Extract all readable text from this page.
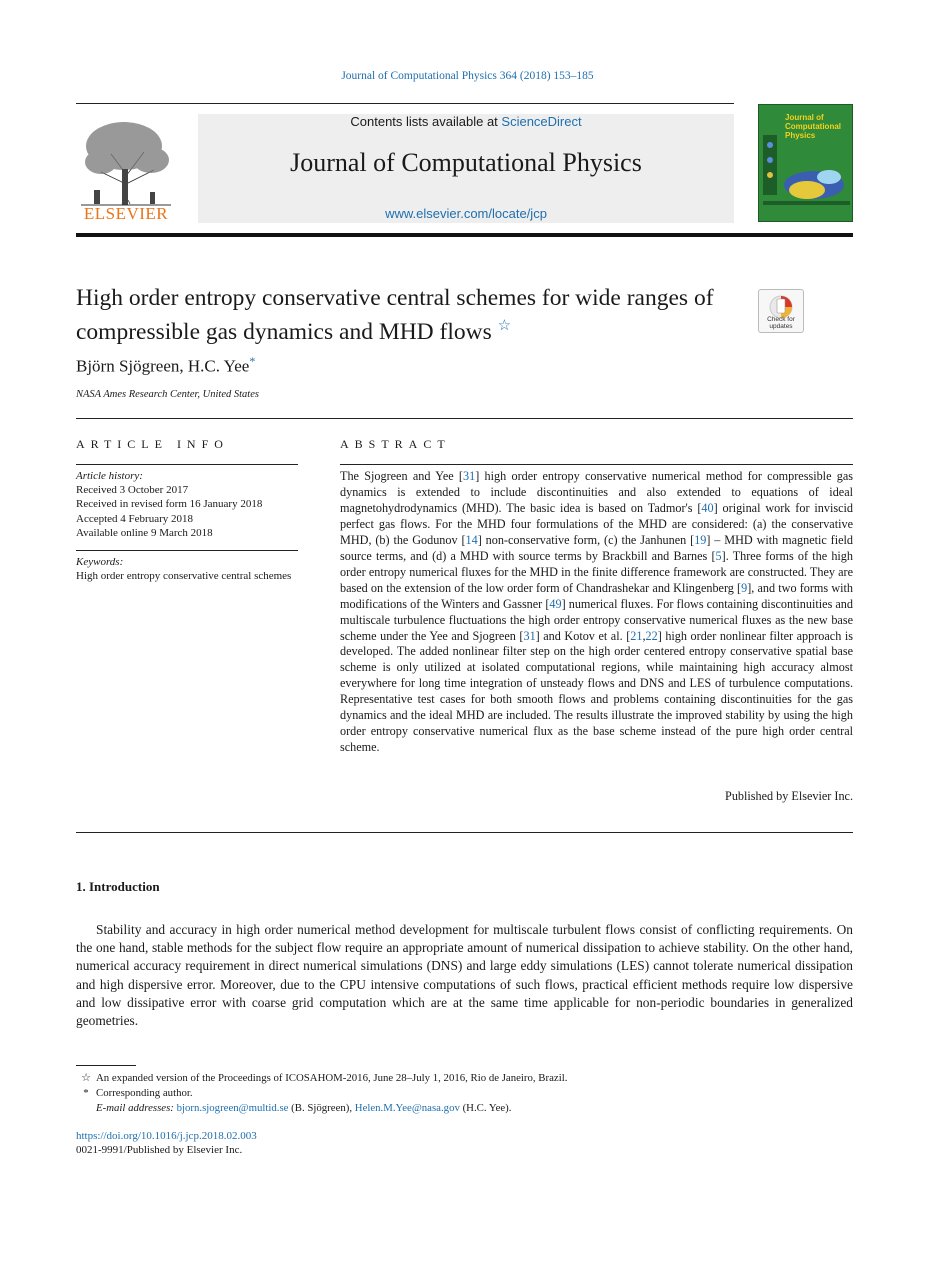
Journal of Computational Physics 364 (2018) 153–185
ELSEVIER
Contents lists available at ScienceDirect
Journal of Computational Physics
www.elsevier.com/locate/jcp
Journal of Computational Physics
High order entropy conservative central schemes for wide ranges of compressible gas dynamics and MHD flows ☆	Check for updates
Björn Sjögreen, H.C. Yee*
NASA Ames Research Center, United States
ARTICLE INFO	ABSTRACT
Article history:
Received 3 October 2017
Received in revised form 16 January 2018
Accepted 4 February 2018
Available online 9 March 2018
Keywords:
High order entropy conservative central schemes
The Sjogreen and Yee [31] high order entropy conservative numerical method for compressible gas dynamics is extended to include discontinuities and also extended to equations of ideal magnetohydrodynamics (MHD). The basic idea is based on Tadmor's [40] original work for inviscid perfect gas flows. For the MHD four formulations of the MHD are considered: (a) the conservative MHD, (b) the Godunov [14] non-conservative form, (c) the Janhunen [19] – MHD with magnetic field source terms, and (d) a MHD with source terms by Brackbill and Barnes [5]. Three forms of the high order entropy numerical fluxes for the MHD in the finite difference framework are constructed. They are based on the extension of the low order form of Chandrashekar and Klingenberg [9], and two forms with modifications of the Winters and Gassner [49] numerical fluxes. For flows containing discontinuities and multiscale turbulence fluctuations the high order entropy conservative numerical fluxes as the new base scheme under the Yee and Sjogreen [31] and Kotov et al. [21,22] high order nonlinear filter approach is developed. The added nonlinear filter step on the high order centered entropy conservative spatial base scheme is only utilized at isolated computational regions, while maintaining high accuracy almost everywhere for long time integration of unsteady flows and DNS and LES of turbulence computations. Representative test cases for both smooth flows and problems containing discontinuities for the gas dynamics and the ideal MHD are included. The results illustrate the improved stability by using the high order entropy conservative numerical flux as the base scheme instead of the pure high order central scheme.
Published by Elsevier Inc.
1. Introduction
Stability and accuracy in high order numerical method development for multiscale turbulent flows consist of conflicting requirements. On the one hand, stable methods for the subject flow require an appropriate amount of numerical dissipation to achieve stability. On the other hand, numerical accuracy requirement in direct numerical simulations (DNS) and large eddy simulations (LES) cannot tolerate numerical dissipation and high dispersive error. Moreover, due to the CPU intensive computations of such flows, practical efficient methods require low dispersive and low dissipative error with coarse grid computation which are at the same time applicable for non-periodic boundaries in generalized geometries.
☆ An expanded version of the Proceedings of ICOSAHOM-2016, June 28–July 1, 2016, Rio de Janeiro, Brazil.
* Corresponding author.
E-mail addresses: bjorn.sjogreen@multid.se (B. Sjögreen), Helen.M.Yee@nasa.gov (H.C. Yee).
https://doi.org/10.1016/j.jcp.2018.02.003
0021-9991/Published by Elsevier Inc.
